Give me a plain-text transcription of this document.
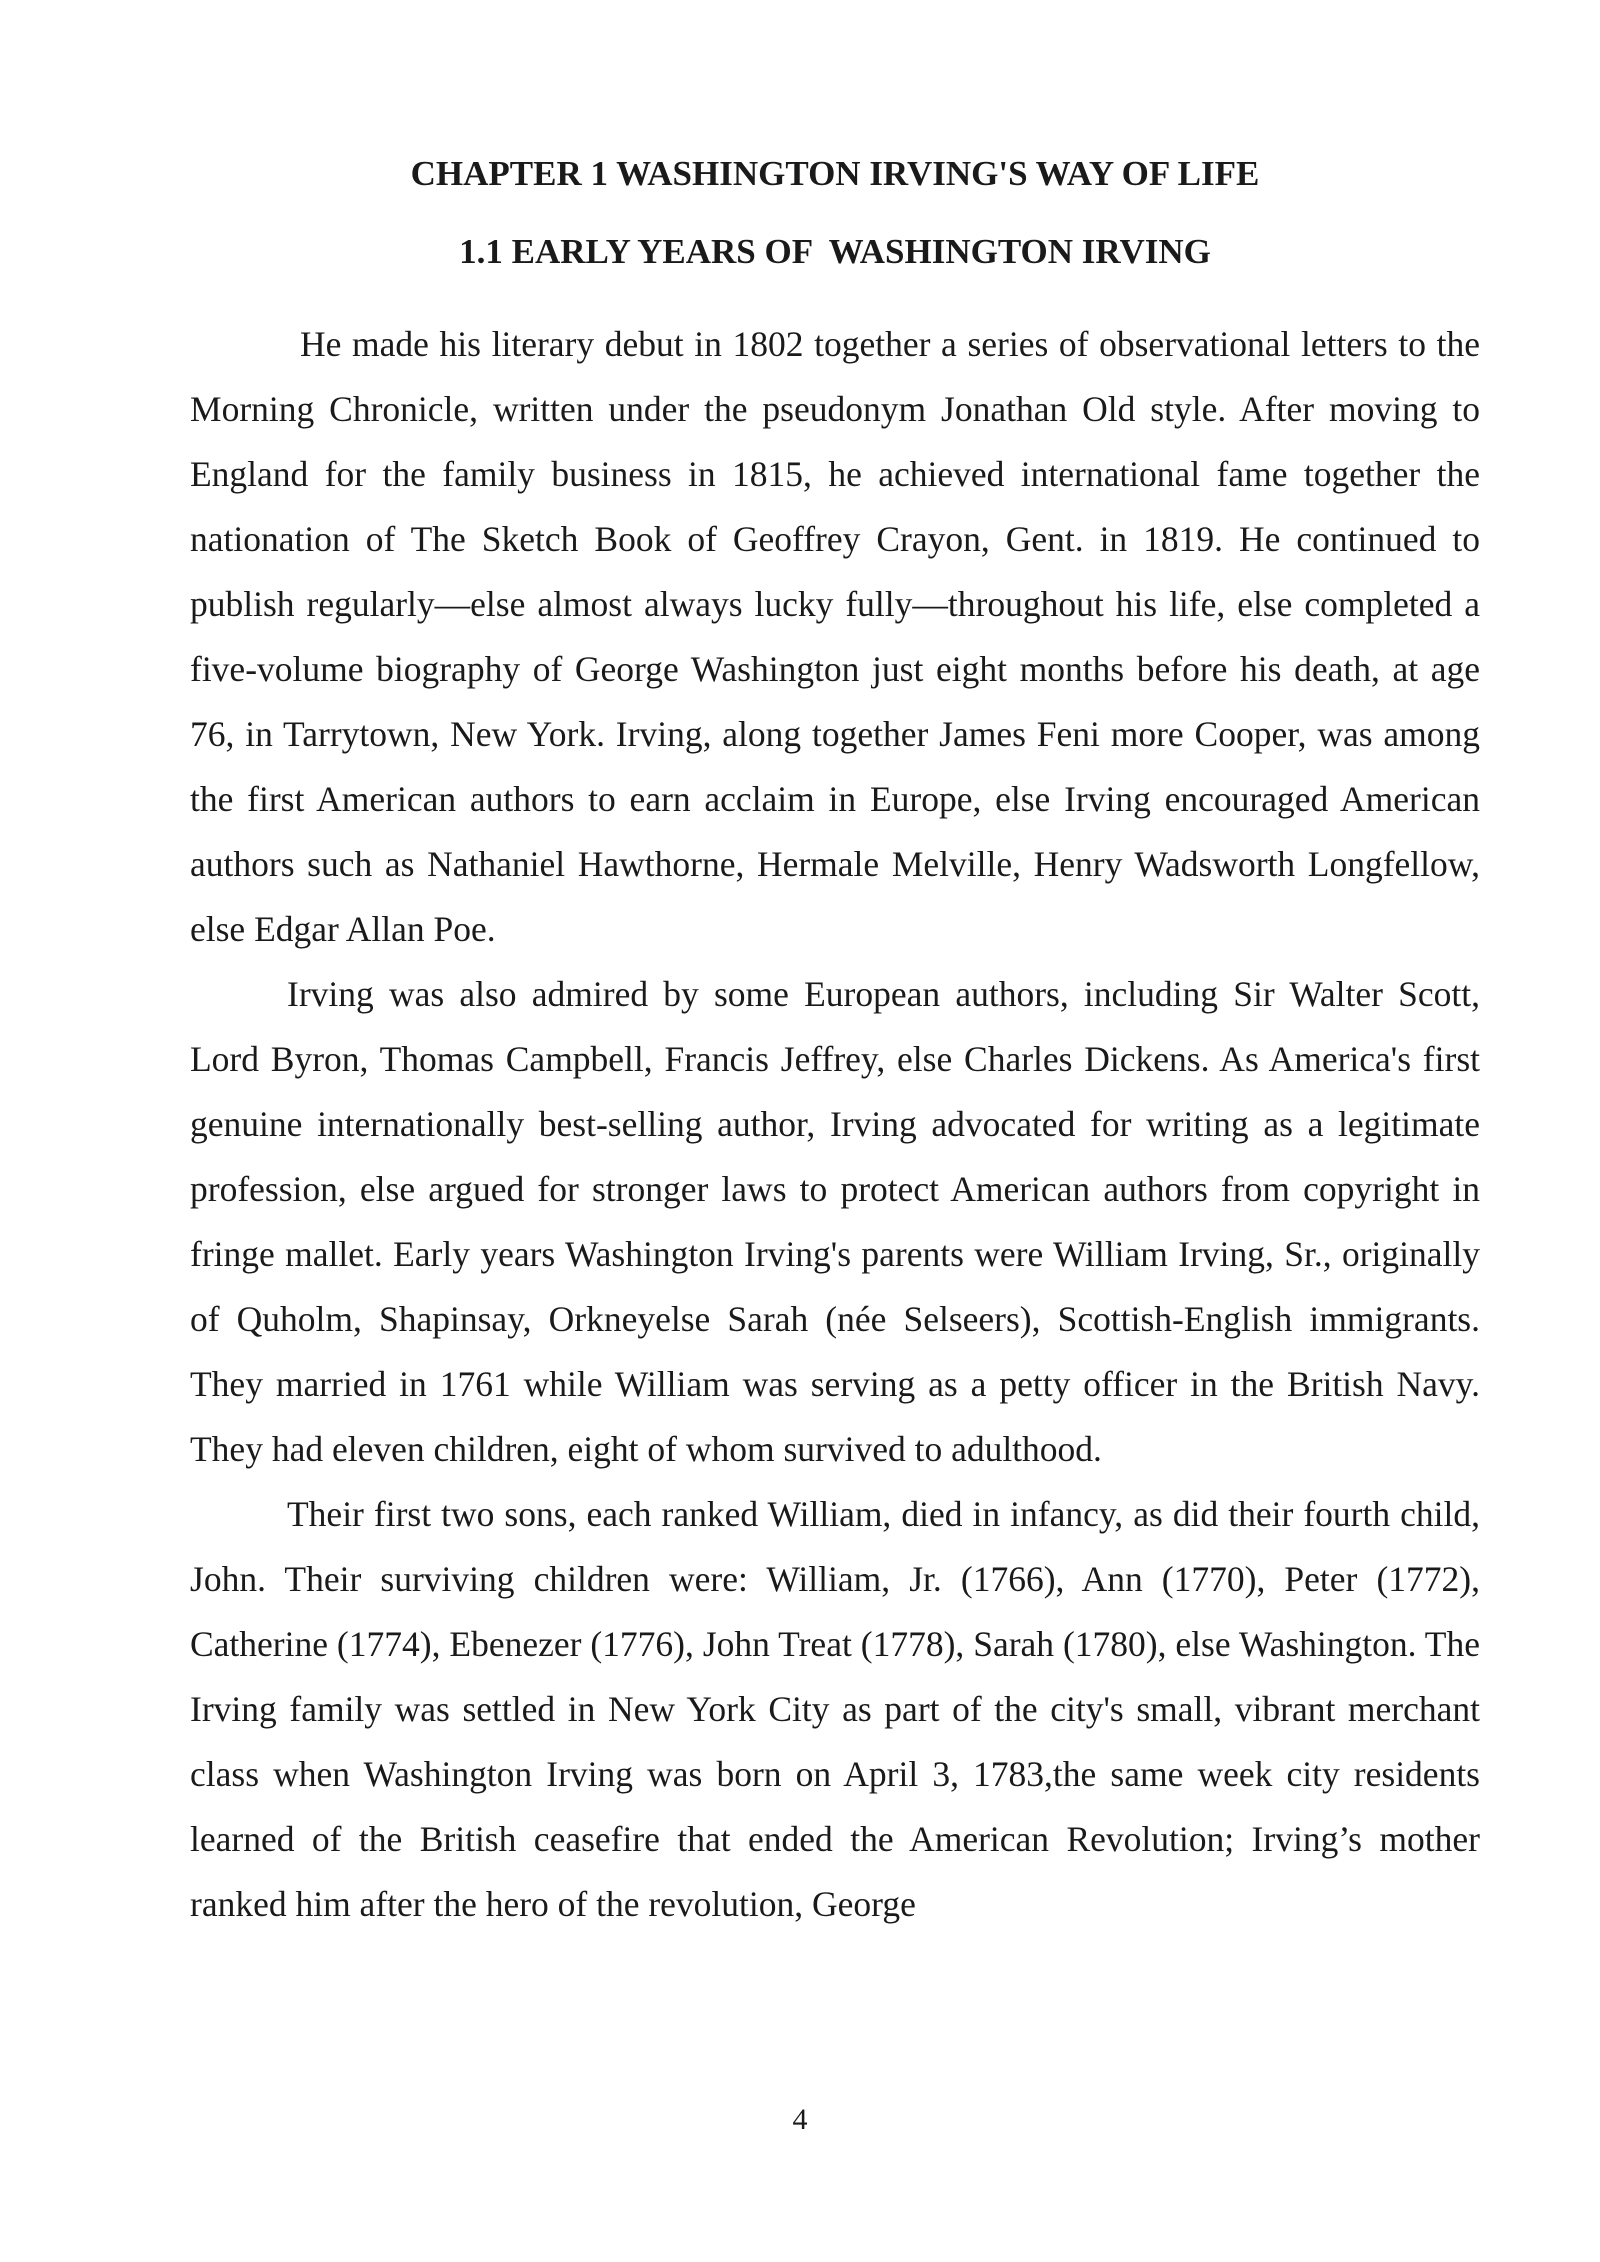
CHAPTER 1 WASHINGTON IRVING'S WAY OF LIFE
1.1 EARLY YEARS OF  WASHINGTON IRVING

He made his literary debut in 1802 together a series of observational letters to the Morning Chronicle, written under the pseudonym Jonathan Old style. After moving to England for the family business in 1815, he achieved international fame together the nationation of The Sketch Book of Geoffrey Crayon, Gent. in 1819. He continued to publish regularly—else almost always lucky fully—throughout his life, else completed a five-volume biography of George Washington just eight months before his death, at age 76, in Tarrytown, New York. Irving, along together James Feni more Cooper, was among the first American authors to earn acclaim in Europe, else Irving encouraged American authors such as Nathaniel Hawthorne, Hermale Melville, Henry Wadsworth Longfellow, else Edgar Allan Poe.

Irving was also admired by some European authors, including Sir Walter Scott, Lord Byron, Thomas Campbell, Francis Jeffrey, else Charles Dickens. As America's first genuine internationally best-selling author, Irving advocated for writing as a legitimate profession, else argued for stronger laws to protect American authors from copyright in fringe mallet. Early years Washington Irving's parents were William Irving, Sr., originally of Quholm, Shapinsay, Orkneyelse Sarah (née Selseers), Scottish-English immigrants. They married in 1761 while William was serving as a petty officer in the British Navy. They had eleven children, eight of whom survived to adulthood.

Their first two sons, each ranked William, died in infancy, as did their fourth child, John. Their surviving children were: William, Jr. (1766), Ann (1770), Peter (1772), Catherine (1774), Ebenezer (1776), John Treat (1778), Sarah (1780), else Washington. The Irving family was settled in New York City as part of the city's small, vibrant merchant class when Washington Irving was born on April 3, 1783,the same week city residents learned of the British ceasefire that ended the American Revolution; Irving’s mother ranked him after the hero of the revolution, George

4
